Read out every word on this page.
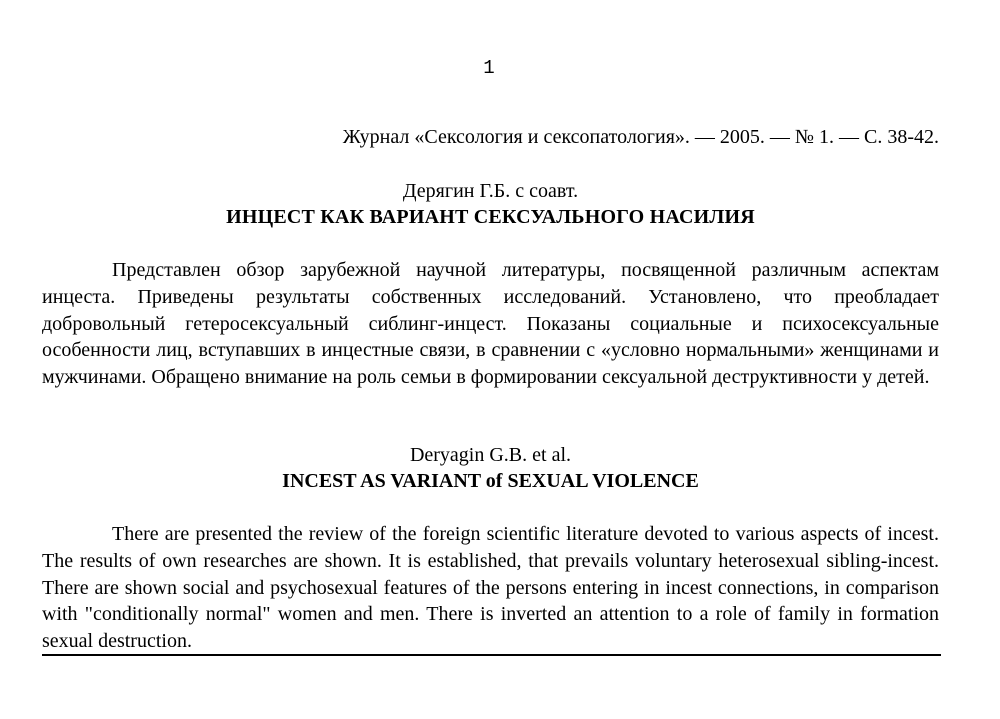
1
Журнал «Сексология и сексопатология». — 2005. — № 1. — С. 38-42.
Дерягин Г.Б. с соавт.
ИНЦЕСТ КАК ВАРИАНТ СЕКСУАЛЬНОГО НАСИЛИЯ

Представлен обзор зарубежной научной литературы, посвященной различным аспектам инцеста. Приведены результаты собственных исследований. Установлено, что преобладает добровольный гетеросексуальный сиблинг-инцест. Показаны социальные и психосексуальные особенности лиц, вступавших в инцестные связи, в сравнении с «условно нормальными» женщинами и мужчинами. Обращено внимание на роль семьи в формировании сексуальной деструктивности у детей.

Deryagin G.B. et al.
INCEST AS VARIANT of SEXUAL VIOLENCE

There are presented the review of the foreign scientific literature devoted to various aspects of incest. The results of own researches are shown. It is established, that prevails voluntary heterosexual sibling-incest. There are shown social and psychosexual features of the persons entering in incest connections, in comparison with "conditionally normal" women and men. There is inverted an attention to a role of family in formation sexual destruction.
